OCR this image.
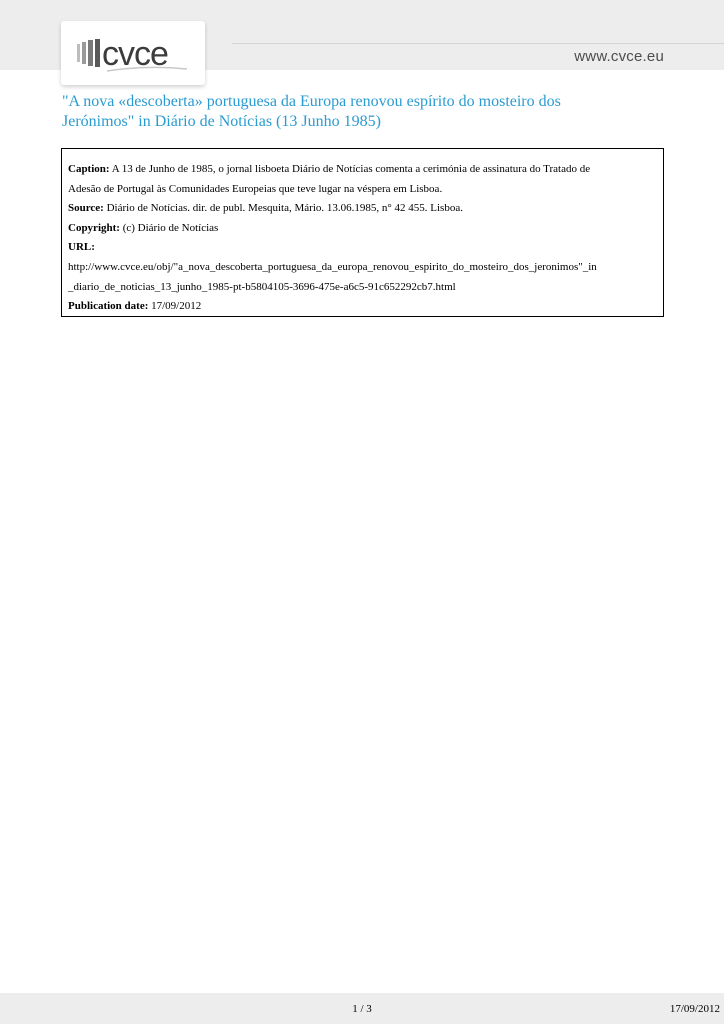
cvce	www.cvce.eu
"A nova «descoberta» portuguesa da Europa renovou espírito do mosteiro dos
Jerónimos" in Diário de Notícias (13 Junho 1985)
Caption: A 13 de Junho de 1985, o jornal lisboeta Diário de Notícias comenta a cerimónia de assinatura do Tratado de
Adesão de Portugal às Comunidades Europeias que teve lugar na véspera em Lisboa.
Source: Diário de Notícias. dir. de publ. Mesquita, Mário. 13.06.1985, n° 42 455. Lisboa.
Copyright: (c) Diário de Notícias
URL:
http://www.cvce.eu/obj/"a_nova_descoberta_portuguesa_da_europa_renovou_espirito_do_mosteiro_dos_jeronimos"_in
_diario_de_noticias_13_junho_1985-pt-b5804105-3696-475e-a6c5-91c652292cb7.html
Publication date: 17/09/2012
1 / 3	17/09/2012
